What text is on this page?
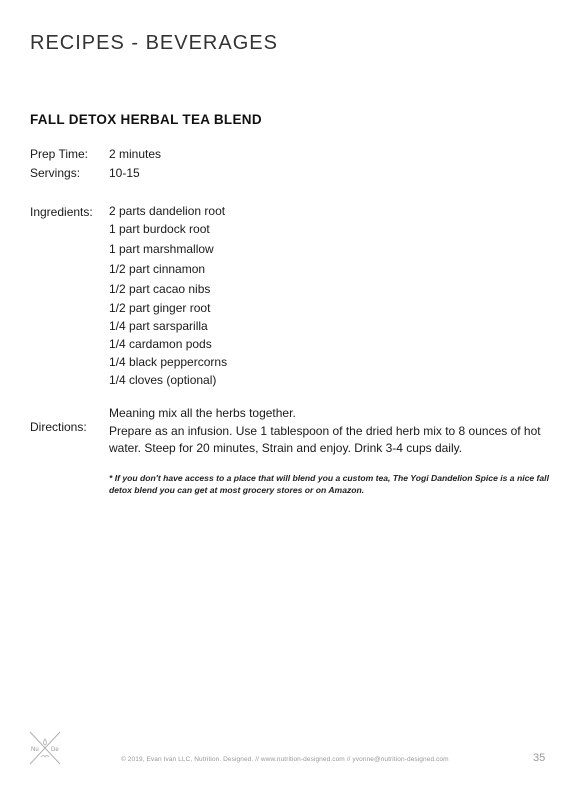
RECIPES - BEVERAGES
FALL DETOX HERBAL TEA BLEND
Prep Time: 2 minutes
Servings: 10-15
Ingredients: 2 parts dandelion root
1 part burdock root
1 part marshmallow
1/2 part cinnamon
1/2 part cacao nibs
1/2 part ginger root
1/4 part sarsparilla
1/4 cardamon pods
1/4 black peppercorns
1/4 cloves (optional)
Directions:

Meaning mix all the herbs together.

Prepare as an infusion. Use 1 tablespoon of the dried herb mix to 8 ounces of hot water. Steep for 20 minutes, Strain and enjoy. Drink 3-4 cups daily.

* If you don't have access to a place that will blend you a custom tea, The Yogi Dandelion Spice is a nice fall detox blend you can get at most grocery stores or on Amazon.

Nu De
© 2019, Evan Ivan LLC, Nutrition. Designed. // www.nutrition-designed.com // yvonne@nutrition-designed.com	35
